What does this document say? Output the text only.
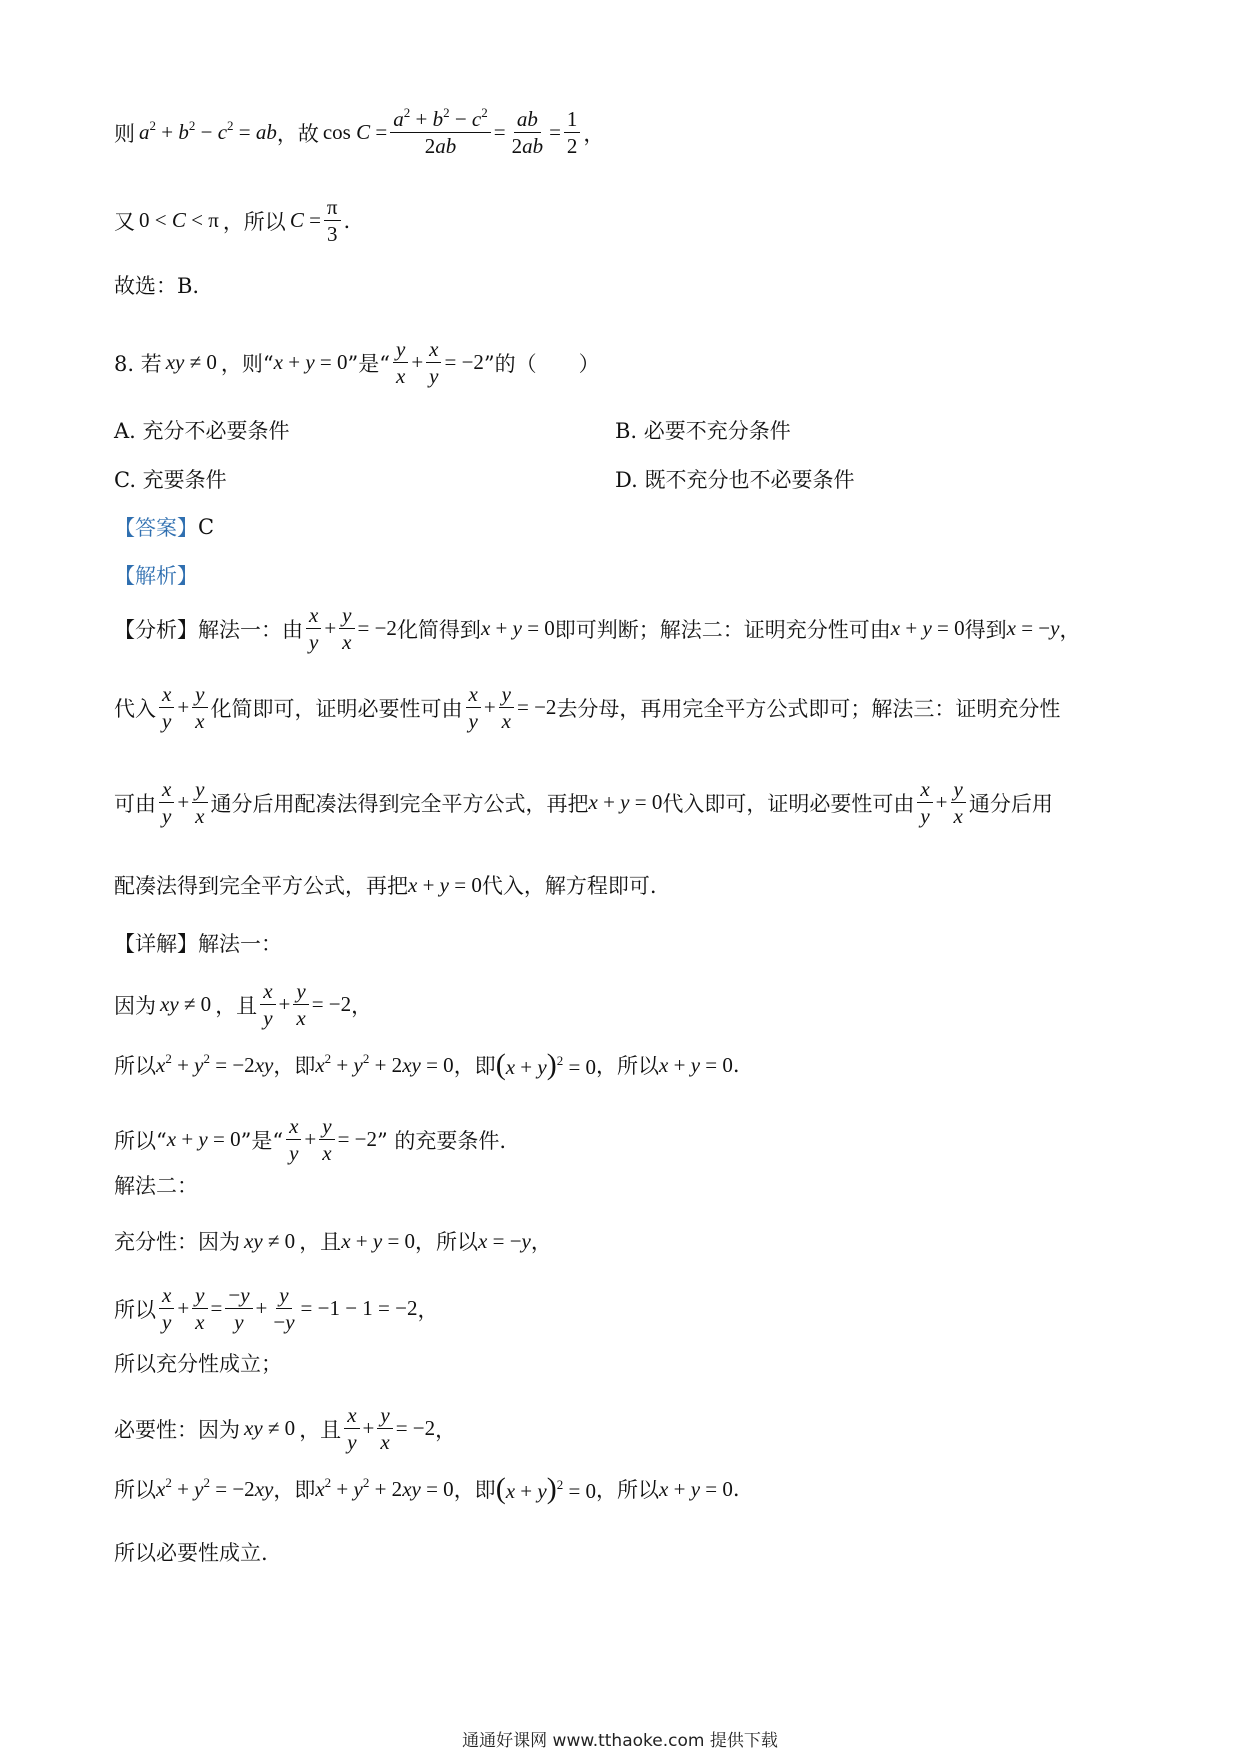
则 $a^2 + b^2 - c^2$ = ab ，故 $\cos C = \frac{a^2 + b^2 - c^2}{2ab} = \frac{ab}{2ab} = \frac{1}{2}$ ，
又 0 < C < π ，所以 $C = \frac{\pi}{3}$ .
故选：B.
8. 若 xy ≠ 0 ，则“ x + y = 0 ”是“ $\frac{y}{x} + \frac{x}{y} = -2$ ”的（　　）
A. 充分不必要条件	B. 必要不充分条件
C. 充要条件	D. 既不充分也不必要条件
【答案】 C
【解析】
【分析】解法一：由 $\frac{x}{y} + \frac{y}{x} = -2$ 化简得到 x + y = 0 即可判断；解法二：证明充分性可由 x + y = 0 得到 x = −y ，
代入 $\frac{x}{y} + \frac{y}{x}$ 化简即可，证明必要性可由 $\frac{x}{y} + \frac{y}{x} = -2$ 去分母，再用完全平方公式即可；解法三：证明充分性
可由 $\frac{x}{y} + \frac{y}{x}$ 通分后用配凑法得到完全平方公式，再把 x + y = 0 代入即可，证明必要性可由 $\frac{x}{y} + \frac{y}{x}$ 通分后用
配凑法得到完全平方公式，再把 x + y = 0 代入，解方程即可.
【详解】解法一：
因为 xy ≠ 0 ，且 $\frac{x}{y} + \frac{y}{x} = -2$ ，
所以 $x^2 + y^2 = -2xy$ ，即 $x^2 + y^2 + 2xy = 0$ ，即 $(x + y)^2 = 0$ ，所以 x + y = 0 .
所以“ x + y = 0 ”是“ $\frac{x}{y} + \frac{y}{x} = -2$ ” 的充要条件.
解法二：
充分性：因为 xy ≠ 0 ，且 x + y = 0 ，所以 x = −y ，
所以 $\frac{x}{y} + \frac{y}{x} = \frac{-y}{y} + \frac{y}{-y} = -1 - 1 = -2$ ，
所以充分性成立；
必要性：因为 xy ≠ 0 ，且 $\frac{x}{y} + \frac{y}{x} = -2$ ，
所以 $x^2 + y^2 = -2xy$ ，即 $x^2 + y^2 + 2xy = 0$ ，即 $(x + y)^2 = 0$ ，所以 x + y = 0 .
所以必要性成立.
通通好课网 www.tthaoke.com 提供下载
